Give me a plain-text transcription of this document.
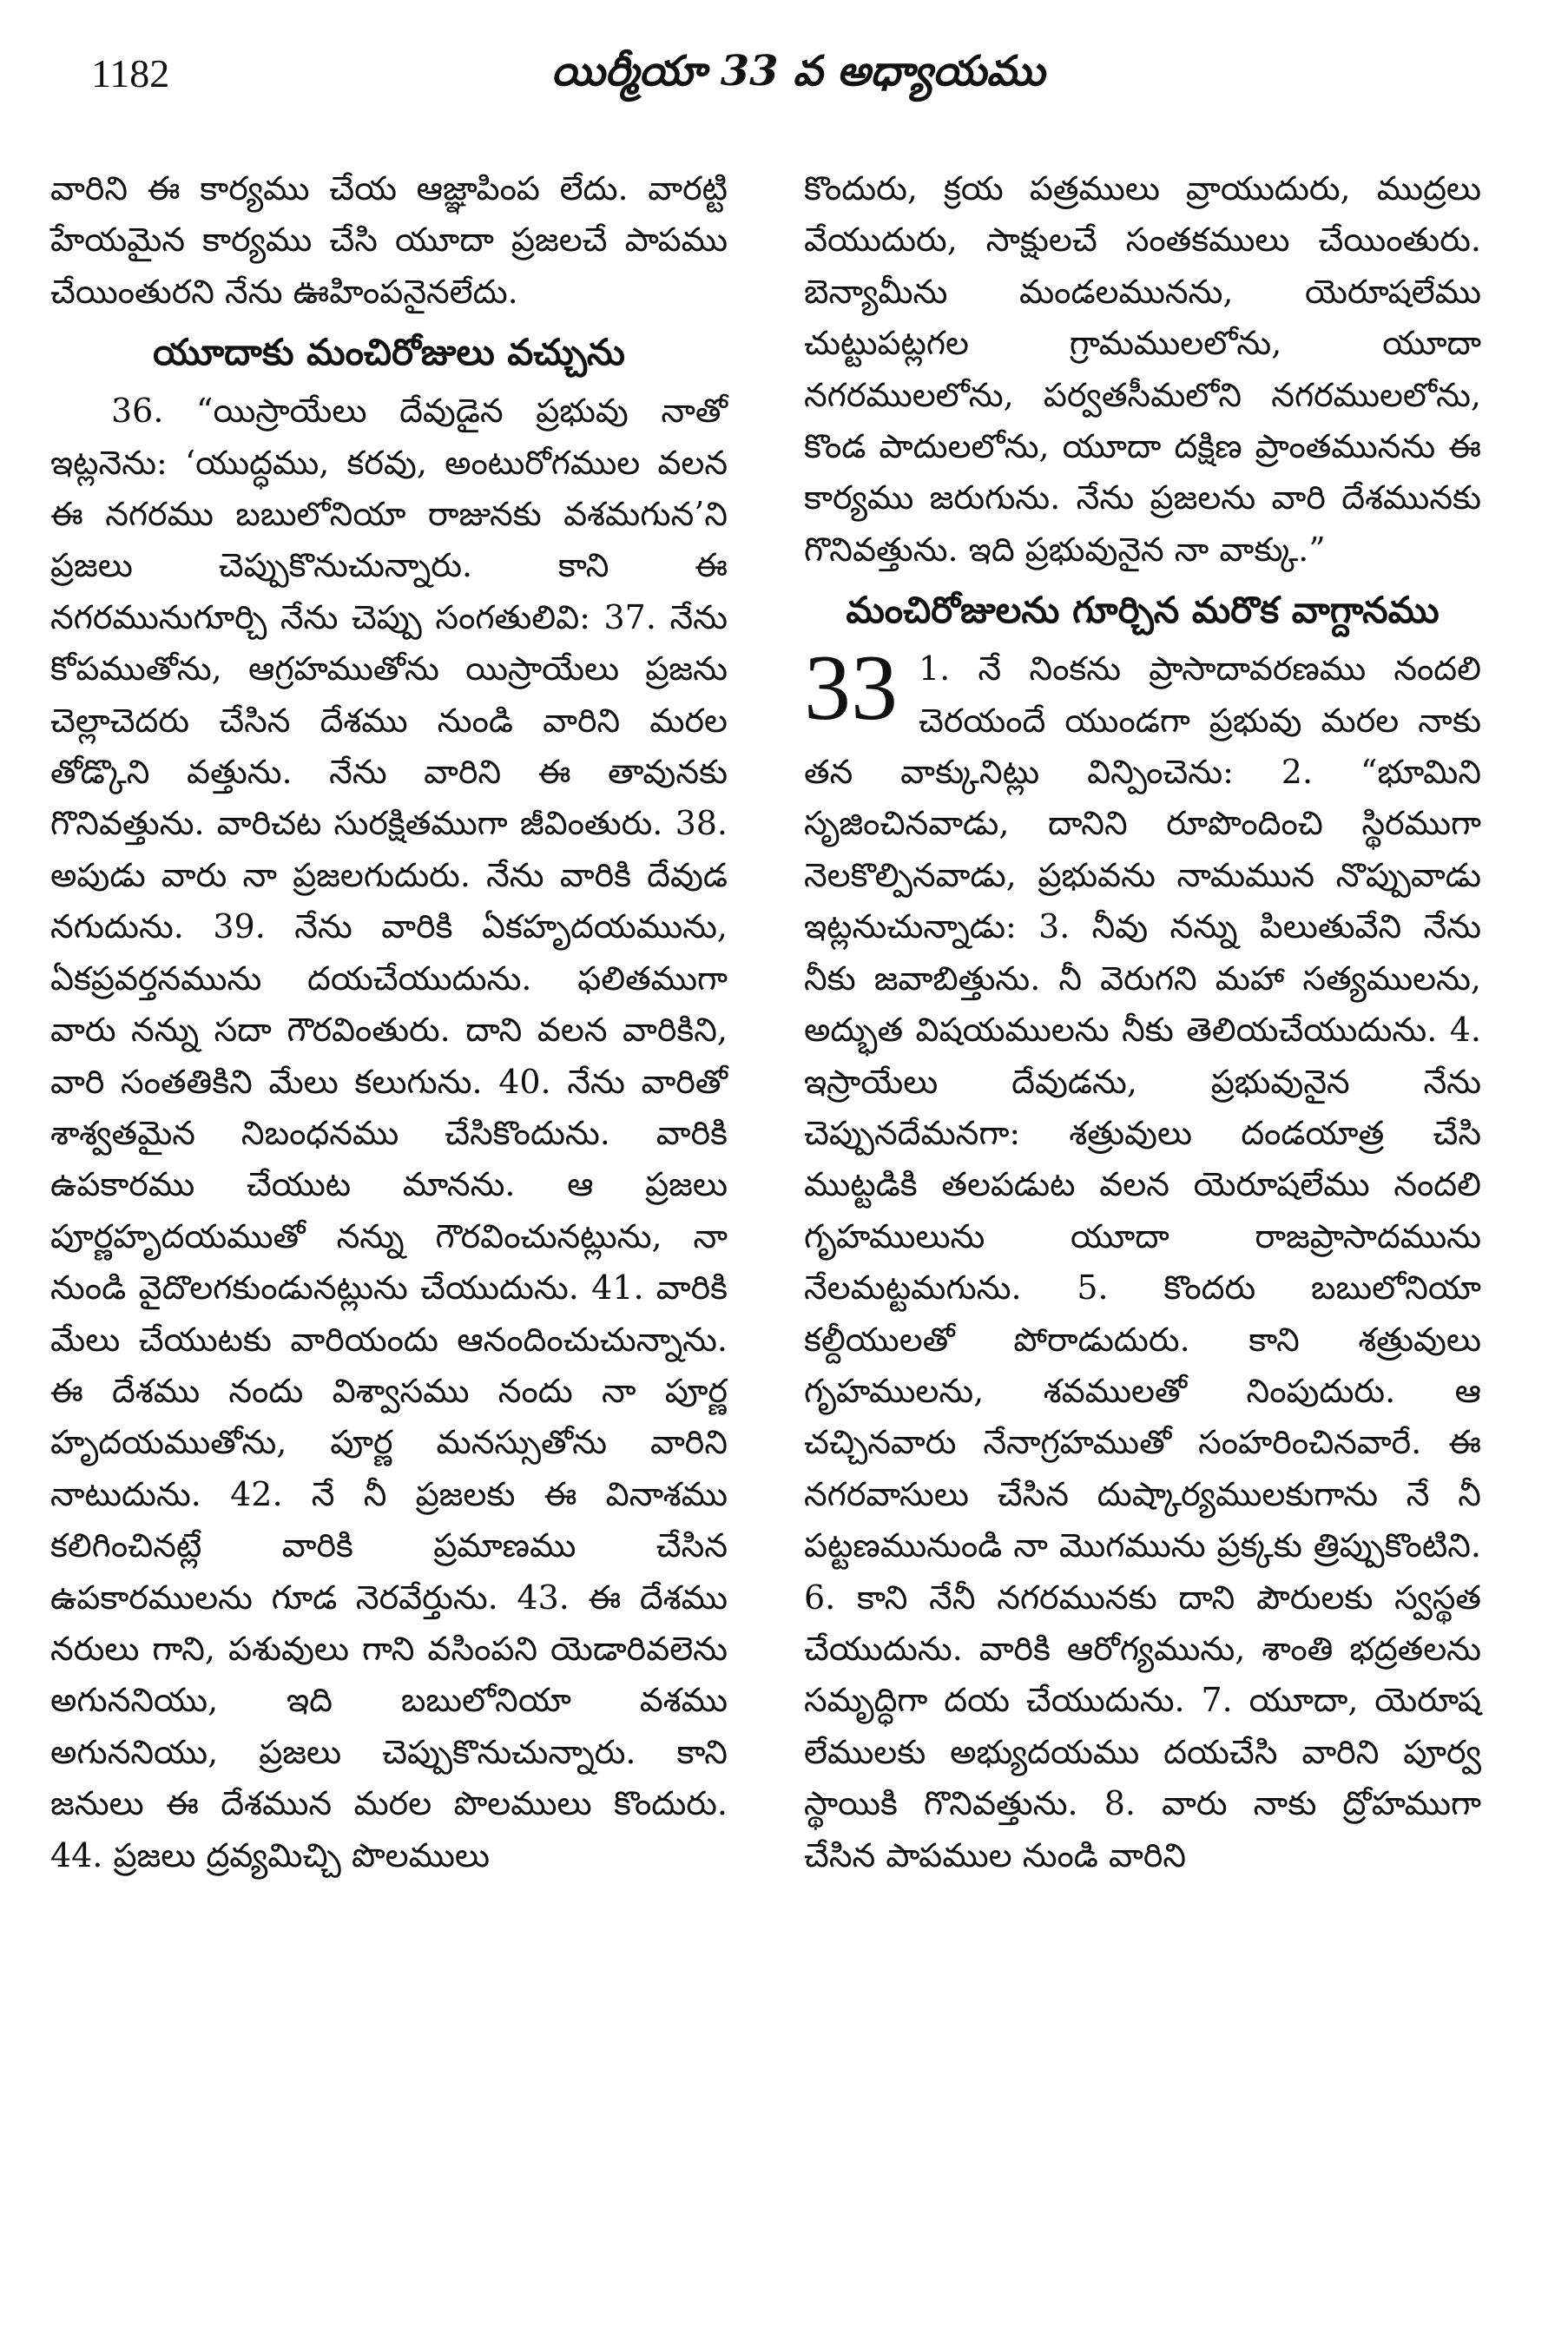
1182	యిర్మీయా 33 వ అధ్యాయము

వారిని ఈ కార్యము చేయ ఆజ్ఞాపింప లేదు. వారట్టి హేయమైన కార్యము చేసి యూదా ప్రజలచే పాపము చేయింతురని నేను ఊహింపనైనలేదు.

యూదాకు మంచిరోజులు వచ్చును

36. “యిస్రాయేలు దేవుడైన ప్రభువు నాతో ఇట్లనెను: ‘యుద్ధము, కరవు, అంటురోగముల వలన ఈ నగరము బబులోనియా రాజునకు వశమగున’ని ప్రజలు చెప్పుకొనుచున్నారు. కాని ఈ నగరమునుగూర్చి నేను చెప్పు సంగతులివి: 37. నేను కోపముతోను, ఆగ్రహముతోను యిస్రాయేలు ప్రజను చెల్లాచెదరు చేసిన దేశము నుండి వారిని మరల తోడ్కొని వత్తును. నేను వారిని ఈ తావునకు గొనివత్తును. వారిచట సురక్షితముగా జీవింతురు. 38. అపుడు వారు నా ప్రజలగుదురు. నేను వారికి దేవుడ నగుదును. 39. నేను వారికి ఏకహృదయమును, ఏకప్రవర్తనమును దయచేయుదును. ఫలితముగా వారు నన్ను సదా గౌరవింతురు. దాని వలన వారికిని, వారి సంతతికిని మేలు కలుగును. 40. నేను వారితో శాశ్వతమైన నిబంధనము చేసికొందును. వారికి ఉపకారము చేయుట మానను. ఆ ప్రజలు పూర్ణహృదయముతో నన్ను గౌరవించునట్లును, నా నుండి వైదొలగకుండునట్లును చేయుదును. 41. వారికి మేలు చేయుటకు వారియందు ఆనందించుచున్నాను. ఈ దేశము నందు విశ్వాసము నందు నా పూర్ణ హృదయముతోను, పూర్ణ మనస్సుతోను వారిని నాటుదును. 42. నే నీ ప్రజలకు ఈ వినాశము కలిగించినట్లే వారికి ప్రమాణము చేసిన ఉపకారములను గూడ నెరవేర్తును. 43. ఈ దేశము నరులు గాని, పశువులు గాని వసింపని యెడారివలెను అగుననియు, ఇది బబులోనియా వశము అగుననియు, ప్రజలు చెప్పుకొనుచున్నారు. కాని జనులు ఈ దేశమున మరల పొలములు కొందురు. 44. ప్రజలు ద్రవ్యమిచ్చి పొలములు

కొందురు, క్రయ పత్రములు వ్రాయుదురు, ముద్రలు వేయుదురు, సాక్షులచే సంతకములు చేయింతురు. బెన్యామీను మండలమునను, యెరూషలేము చుట్టుపట్లగల గ్రామములలోను, యూదా నగరములలోను, పర్వతసీమలోని నగరములలోను, కొండ పాదులలోను, యూదా దక్షిణ ప్రాంతమునను ఈ కార్యము జరుగును. నేను ప్రజలను వారి దేశమునకు గొనివత్తును. ఇది ప్రభువునైన నా వాక్కు.”

మంచిరోజులను గూర్చిన మరొక వాగ్దానము
33 1. నే నింకను ప్రాసాదావరణము నందలి చెరయందే యుండగా ప్రభువు మరల నాకు తన వాక్కునిట్లు విన్పించెను: 2. “భూమిని సృజించినవాడు, దానిని రూపొందించి స్థిరముగా నెలకొల్పినవాడు, ప్రభువను నామమున నొప్పువాడు ఇట్లనుచున్నాడు: 3. నీవు నన్ను పిలుతువేని నేను నీకు జవాబిత్తును. నీ వెరుగని మహా సత్యములను, అద్భుత విషయములను నీకు తెలియచేయుదును. 4. ఇస్రాయేలు దేవుడను, ప్రభువునైన నేను చెప్పునదేమనగా: శత్రువులు దండయాత్ర చేసి ముట్టడికి తలపడుట వలన యెరూషలేము నందలి గృహములును యూదా రాజప్రాసాదమును నేలమట్టమగును. 5. కొందరు బబులోనియా కల్దీయులతో పోరాడుదురు. కాని శత్రువులు గృహములను, శవములతో నింపుదురు. ఆ చచ్చినవారు నేనాగ్రహముతో సంహరించినవారే. ఈ నగరవాసులు చేసిన దుష్కార్యములకుగాను నే నీ పట్టణమునుండి నా మొగమును ప్రక్కకు త్రిప్పుకొంటిని. 6. కాని నేనీ నగరమునకు దాని పౌరులకు స్వస్థత చేయుదును. వారికి ఆరోగ్యమును, శాంతి భద్రతలను సమృద్ధిగా దయ చేయుదును. 7. యూదా, యెరూష లేములకు అభ్యుదయము దయచేసి వారిని పూర్వ స్థాయికి గొనివత్తును. 8. వారు నాకు ద్రోహముగా చేసిన పాపముల నుండి వారిని
